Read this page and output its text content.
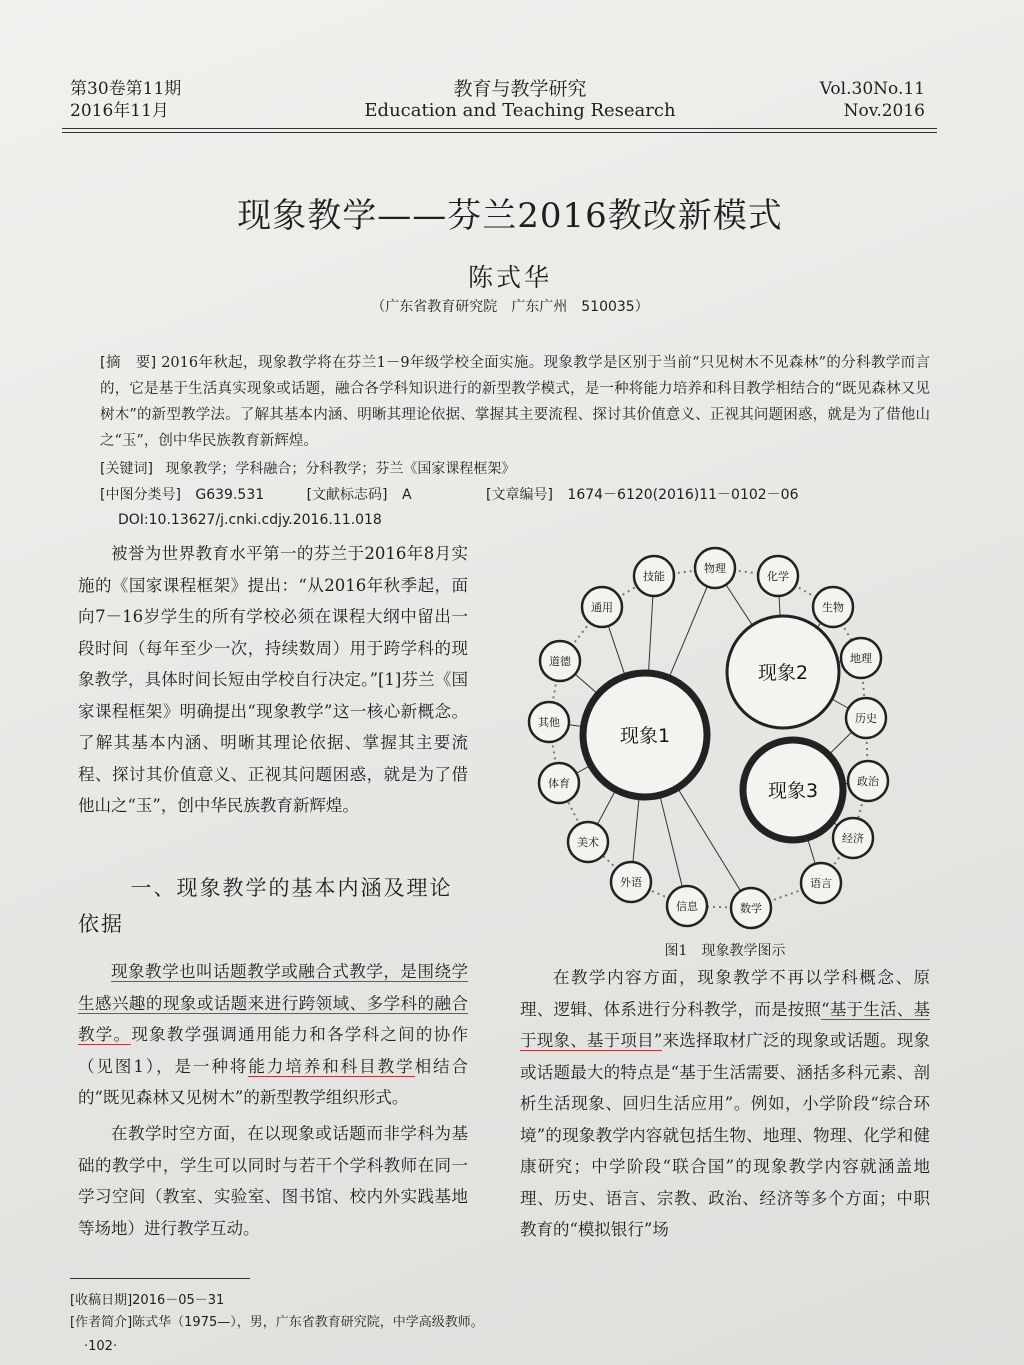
第30卷第11期
2016年11月
教育与教学研究
Education and Teaching Research
Vol.30No.11
Nov.2016
现象教学——芬兰2016教改新模式
陈式华
（广东省教育研究院　广东广州　510035）
[摘　要] 2016年秋起，现象教学将在芬兰1－9年级学校全面实施。现象教学是区别于当前“只见树木不见森林”的分科教学而言的，它是基于生活真实现象或话题，融合各学科知识进行的新型教学模式，是一种将能力培养和科目教学相结合的“既见森林又见树木”的新型教学法。了解其基本内涵、明晰其理论依据、掌握其主要流程、探讨其价值意义、正视其问题困惑，就是为了借他山之“玉”，创中华民族教育新辉煌。
[关键词] 现象教学；学科融合；分科教学；芬兰《国家课程框架》
[中图分类号] G639.531	[文献标志码] A	[文章编号] 1674－6120(2016)11－0102－06
DOI:10.13627/j.cnki.cdjy.2016.11.018
被誉为世界教育水平第一的芬兰于2016年8月实施的《国家课程框架》提出：“从2016年秋季起，面向7－16岁学生的所有学校必须在课程大纲中留出一段时间（每年至少一次，持续数周）用于跨学科的现象教学，具体时间长短由学校自行决定。”[1]芬兰《国家课程框架》明确提出“现象教学”这一核心新概念。了解其基本内涵、明晰其理论依据、掌握其主要流程、探讨其价值意义、正视其问题困惑，就是为了借他山之“玉”，创中华民族教育新辉煌。
一、现象教学的基本内涵及理论依据
现象教学也叫话题教学或融合式教学，是围绕学生感兴趣的现象或话题来进行跨领域、多学科的融合教学。现象教学强调通用能力和各学科之间的协作（见图1），是一种将能力培养和科目教学相结合的“既见森林又见树木”的新型教学组织形式。
在教学时空方面，在以现象或话题而非学科为基础的教学中，学生可以同时与若干个学科教师在同一学习空间（教室、实验室、图书馆、校内外实践基地等场地）进行教学互动。
现象1
现象2
现象3
物理
化学
生物
地理
历史
政治
经济
语言
数学
信息
外语
美术
体育
其他
道德
通用
技能
图1　现象教学图示
在教学内容方面，现象教学不再以学科概念、原理、逻辑、体系进行分科教学，而是按照“基于生活、基于现象、基于项目”来选择取材广泛的现象或话题。现象或话题最大的特点是“基于生活需要、涵括多科元素、剖析生活现象、回归生活应用”。例如，小学阶段“综合环境”的现象教学内容就包括生物、地理、物理、化学和健康研究；中学阶段“联合国”的现象教学内容就涵盖地理、历史、语言、宗教、政治、经济等多个方面；中职教育的“模拟银行”场
[收稿日期]2016－05－31
[作者简介]陈式华（1975—），男，广东省教育研究院，中学高级教师。
·102·
